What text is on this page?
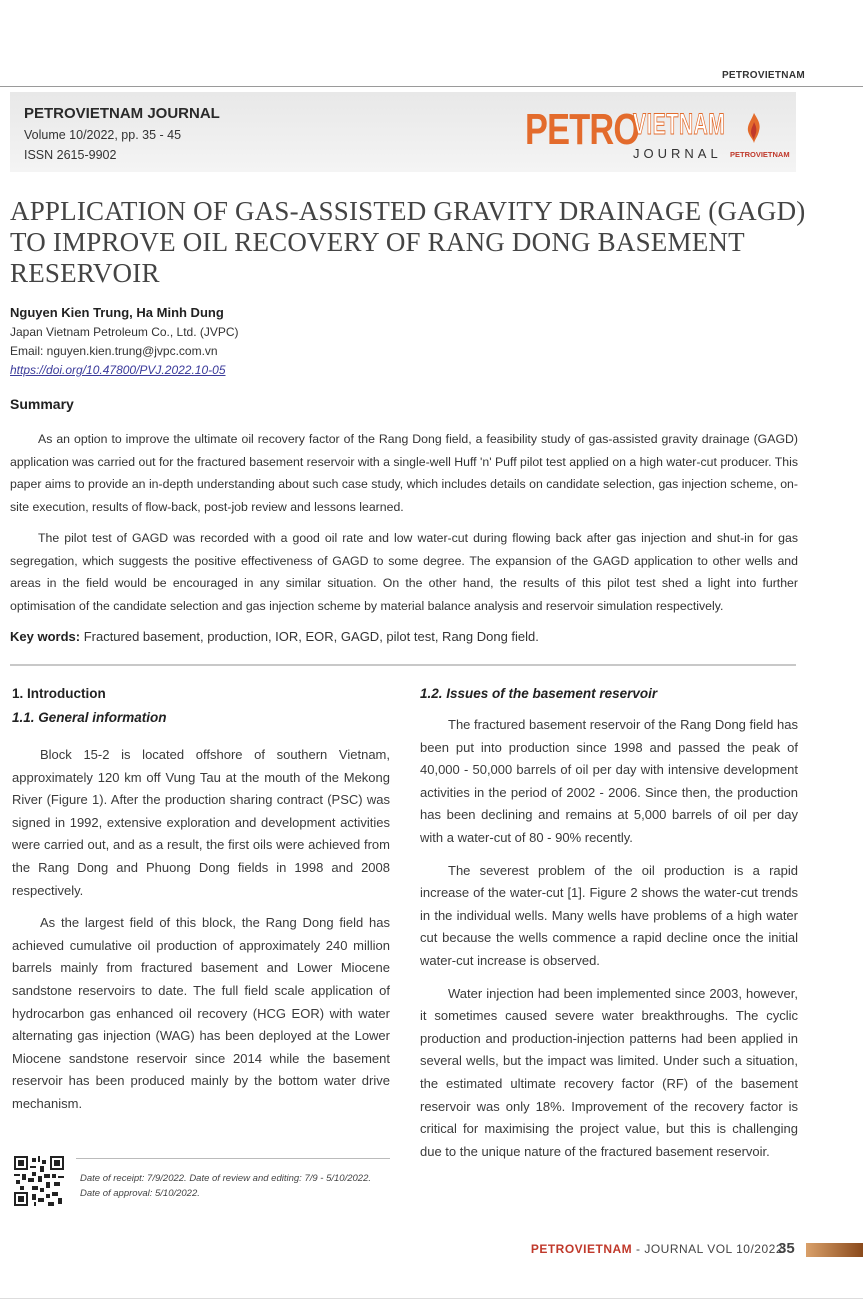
PETROVIETNAM
PETROVIETNAM JOURNAL
Volume 10/2022, pp. 35 - 45
ISSN 2615-9902
PETRO
VIETNAM
JOURNAL PETROVIETNAM
APPLICATION OF GAS-ASSISTED GRAVITY DRAINAGE (GAGD) TO IMPROVE OIL RECOVERY OF RANG DONG BASEMENT RESERVOIR
Nguyen Kien Trung, Ha Minh Dung
Japan Vietnam Petroleum Co., Ltd. (JVPC)
Email: nguyen.kien.trung@jvpc.com.vn
https://doi.org/10.47800/PVJ.2022.10-05
Summary
As an option to improve the ultimate oil recovery factor of the Rang Dong field, a feasibility study of gas-assisted gravity drainage (GAGD) application was carried out for the fractured basement reservoir with a single-well Huff 'n' Puff pilot test applied on a high water-cut producer. This paper aims to provide an in-depth understanding about such case study, which includes details on candidate selection, gas injection scheme, on-site execution, results of flow-back, post-job review and lessons learned.
The pilot test of GAGD was recorded with a good oil rate and low water-cut during flowing back after gas injection and shut-in for gas segregation, which suggests the positive effectiveness of GAGD to some degree. The expansion of the GAGD application to other wells and areas in the field would be encouraged in any similar situation. On the other hand, the results of this pilot test shed a light into further optimisation of the candidate selection and gas injection scheme by material balance analysis and reservoir simulation respectively.
Key words: Fractured basement, production, IOR, EOR, GAGD, pilot test, Rang Dong field.
1. Introduction
1.1. General information

Block 15-2 is located offshore of southern Vietnam, approximately 120 km off Vung Tau at the mouth of the Mekong River (Figure 1). After the production sharing contract (PSC) was signed in 1992, extensive exploration and development activities were carried out, and as a result, the first oils were achieved from the Rang Dong and Phuong Dong fields in 1998 and 2008 respectively.

As the largest field of this block, the Rang Dong field has achieved cumulative oil production of approximately 240 million barrels mainly from fractured basement and Lower Miocene sandstone reservoirs to date. The full field scale application of hydrocarbon gas enhanced oil recovery (HCG EOR) with water alternating gas injection (WAG) has been deployed at the Lower Miocene sandstone reservoir since 2014 while the basement reservoir has been produced mainly by the bottom water drive mechanism.

1.2. Issues of the basement reservoir

The fractured basement reservoir of the Rang Dong field has been put into production since 1998 and passed the peak of 40,000 - 50,000 barrels of oil per day with intensive development activities in the period of 2002 - 2006. Since then, the production has been declining and remains at 5,000 barrels of oil per day with a water-cut of 80 - 90% recently.

The severest problem of the oil production is a rapid increase of the water-cut [1]. Figure 2 shows the water-cut trends in the individual wells. Many wells have problems of a high water cut because the wells commence a rapid decline once the initial water-cut increase is observed.

Water injection had been implemented since 2003, however, it sometimes caused severe water breakthroughs. The cyclic production and production-injection patterns had been applied in several wells, but the impact was limited. Under such a situation, the estimated ultimate recovery factor (RF) of the basement reservoir was only 18%. Improvement of the recovery factor is critical for maximising the project value, but this is challenging due to the unique nature of the fractured basement reservoir.

Date of receipt: 7/9/2022. Date of review and editing: 7/9 - 5/10/2022.
Date of approval: 5/10/2022.
PETROVIETNAM - JOURNAL VOL 10/2022
35
